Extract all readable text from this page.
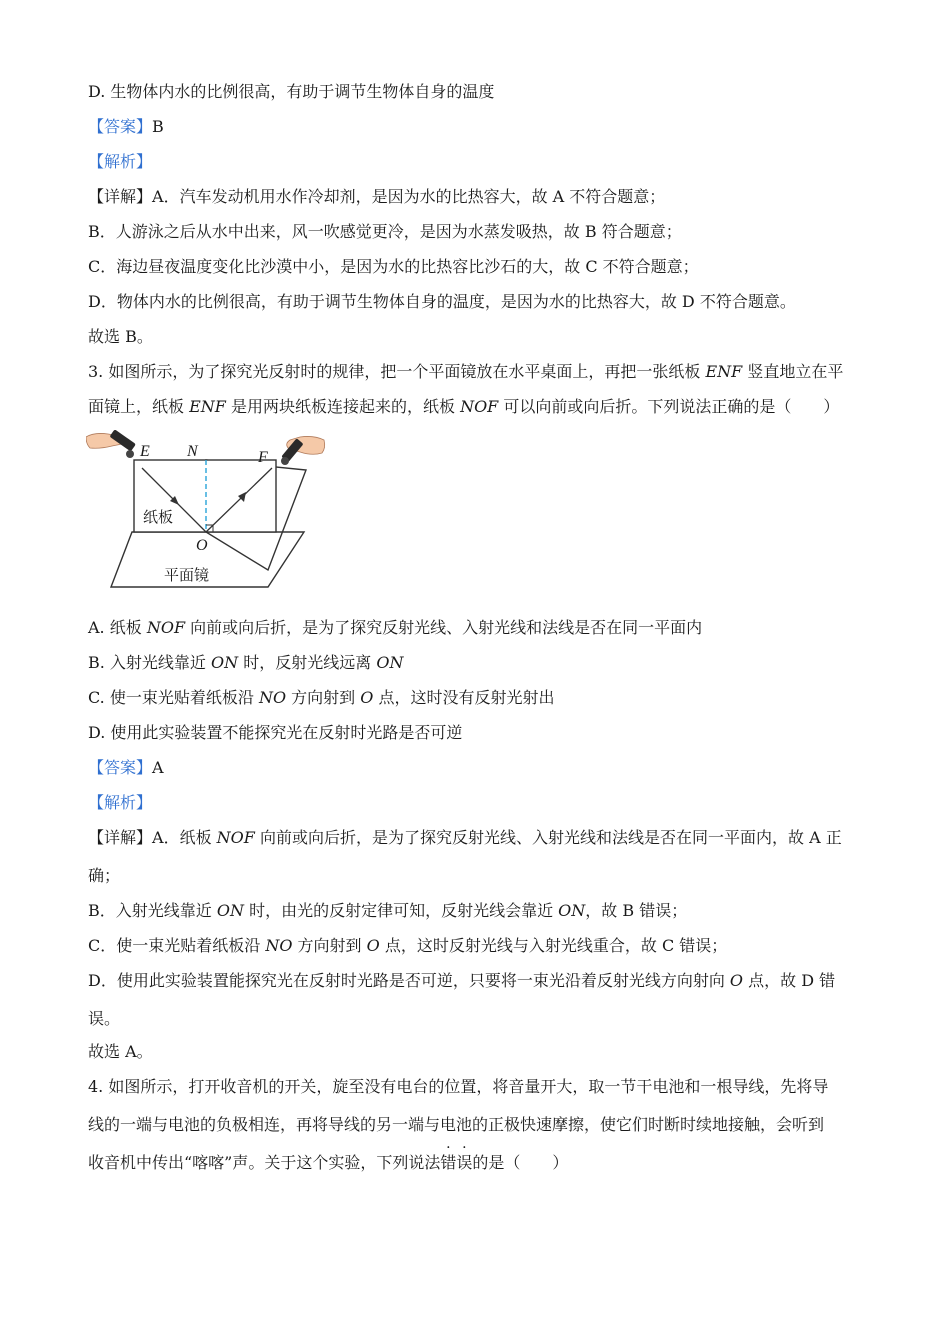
D. 生物体内水的比例很高，有助于调节生物体自身的温度
【答案】B
【解析】
【详解】A．汽车发动机用水作冷却剂，是因为水的比热容大，故 A 不符合题意；
B．人游泳之后从水中出来，风一吹感觉更冷，是因为水蒸发吸热，故 B 符合题意；
C．海边昼夜温度变化比沙漠中小，是因为水的比热容比沙石的大，故 C 不符合题意；
D．物体内水的比例很高，有助于调节生物体自身的温度，是因为水的比热容大，故 D 不符合题意。
故选 B。
3. 如图所示，为了探究光反射时的规律，把一个平面镜放在水平桌面上，再把一张纸板 ENF 竖直地立在平
面镜上，纸板 ENF 是用两块纸板连接起来的，纸板 NOF 可以向前或向后折。下列说法正确的是（　　）
E N	F
O
纸板
平面镜
A. 纸板 NOF 向前或向后折，是为了探究反射光线、入射光线和法线是否在同一平面内
B. 入射光线靠近 ON 时，反射光线远离 ON
C. 使一束光贴着纸板沿 NO 方向射到 O 点，这时没有反射光射出
D. 使用此实验装置不能探究光在反射时光路是否可逆
【答案】A
【解析】
【详解】A．纸板 NOF 向前或向后折，是为了探究反射光线、入射光线和法线是否在同一平面内，故 A 正
确；
B．入射光线靠近 ON 时，由光的反射定律可知，反射光线会靠近 ON，故 B 错误；
C．使一束光贴着纸板沿 NO 方向射到 O 点，这时反射光线与入射光线重合，故 C 错误；
D．使用此实验装置能探究光在反射时光路是否可逆，只要将一束光沿着反射光线方向射向 O 点，故 D 错
误。
故选 A。
4. 如图所示，打开收音机的开关，旋至没有电台的位置，将音量开大，取一节干电池和一根导线，先将导
线的一端与电池的负极相连，再将导线的另一端与电池的正极快速摩擦，使它们时断时续地接触，会听到
收音机中传出“喀喀”声。关于这个实验，下列说法
·
错
·
误的是（　　）
